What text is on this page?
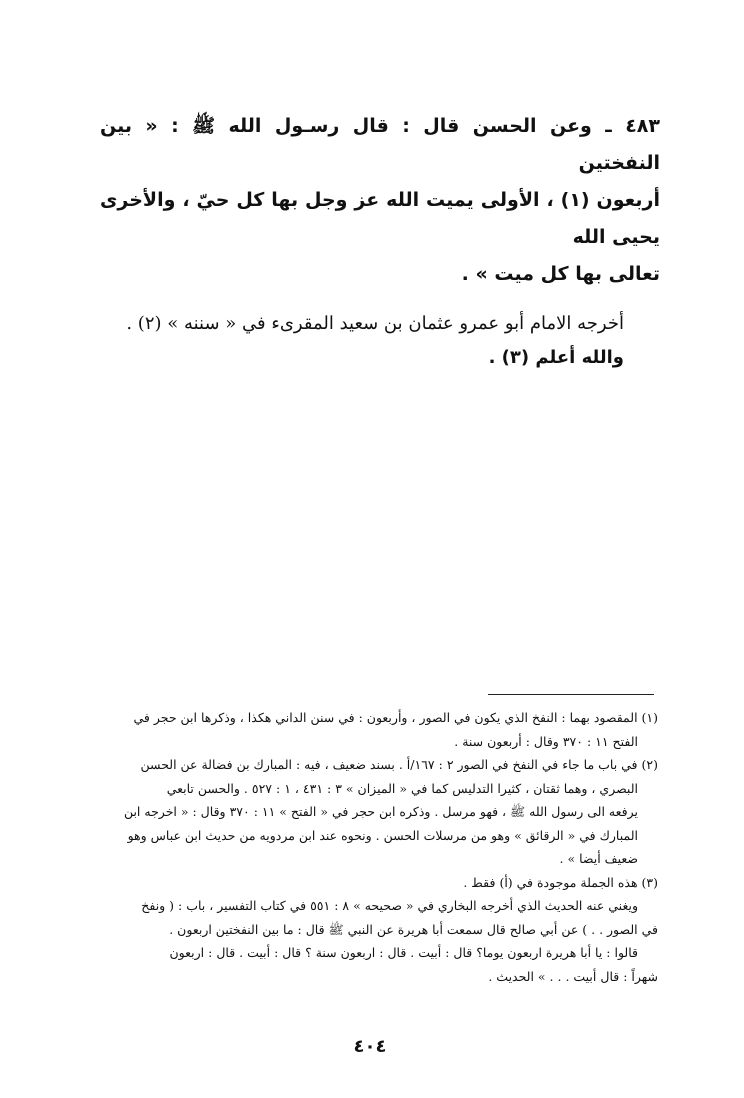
٤٨٣ ـ وعن الحسن قال : قال رسـول الله ﷺ : « بين النفختين
أربعون (١) ، الأولى يميت الله عز وجل بها كل حيّ ، والأخرى يحيى الله
تعالى بها كل ميت » .

أخرجه الامام أبو عمرو عثمان بن سعيد المقرىء في « سننه » (٢) .

والله أعلم (٣) .

(١) المقصود بهما : النفخ الذي يكون في الصور ، وأربعون : في سنن الداني هكذا ، وذكرها ابن حجر في

الفتح ١١ : ٣٧٠ وقال : أربعون سنة .

(٢) في باب ما جاء في النفخ في الصور ٢ : ١٦٧/أ . بسند ضعيف ، فيه : المبارك بن فضالة عن الحسن

البصري ، وهما ثقتان ، كثيرا التدليس كما في « الميزان » ٣ : ٤٣١ ، ١ : ٥٢٧ . والحسن تابعي

يرفعه الى رسول الله ﷺ ، فهو مرسل . وذكره ابن حجر في « الفتح » ١١ : ٣٧٠ وقال : « اخرجه ابن

المبارك في « الرقائق » وهو من مرسلات الحسن . ونحوه عند ابن مردويه من حديث ابن عباس وهو

ضعيف أيضا » .

(٣) هذه الجملة موجودة في (أ) فقط .

ويغني عنه الحديث الذي أخرجه البخاري في « صحيحه » ٨ : ٥٥١ في كتاب التفسير ، باب : ( ونفخ

في الصور . . ) عن أبي صالح قال سمعت أبا هريرة عن النبي ﷺ قال : ما بين النفختين اربعون .

قالوا : يا أبا هريرة اربعون يوما؟ قال : أبيت . قال : اربعون سنة ؟ قال : أبيت . قال : اربعون

شهراً : قال أبيت . . . » الحديث .

٤٠٤
